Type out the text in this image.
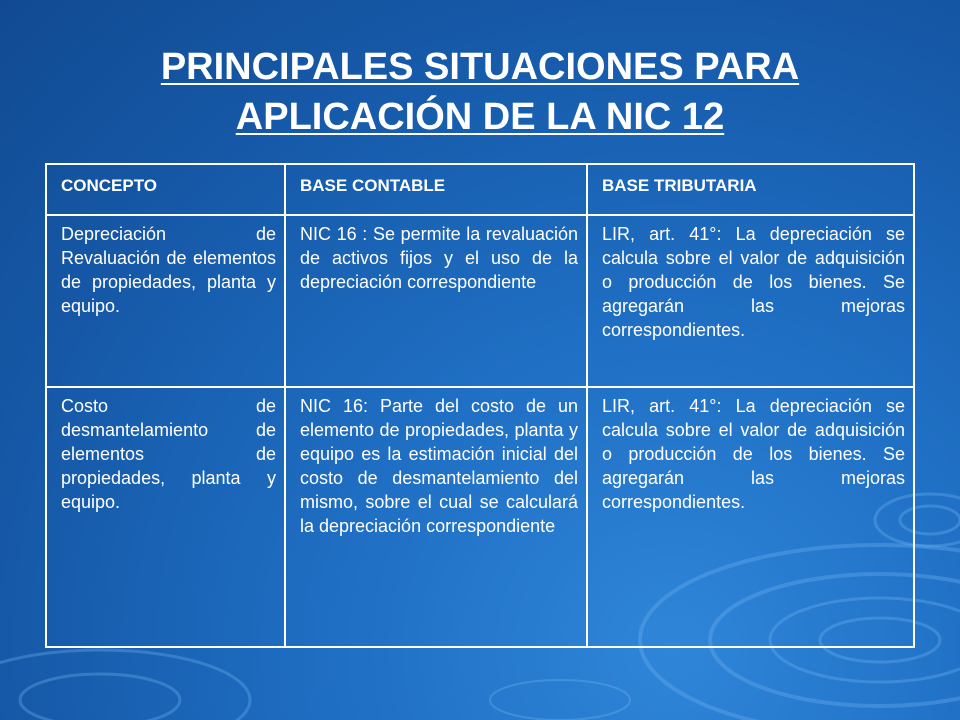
PRINCIPALES SITUACIONES PARA
APLICACIÓN DE LA NIC 12
CONCEPTO	BASE CONTABLE	BASE TRIBUTARIA
Depreciación de Revaluación de elementos de propiedades, planta y equipo.	NIC 16 : Se permite la revaluación de activos fijos y el uso de la depreciación correspondiente	LIR, art. 41°: La depreciación se calcula sobre el valor de adquisición o producción de los bienes. Se agregarán las mejoras correspondientes.
Costo de desmantelamiento de elementos de propiedades, planta y equipo.	NIC 16: Parte del costo de un elemento de propiedades, planta y equipo es la estimación inicial del costo de desmantelamiento del mismo, sobre el cual se calculará la depreciación correspondiente	LIR, art. 41°: La depreciación se calcula sobre el valor de adquisición o producción de los bienes. Se agregarán las mejoras correspondientes.
